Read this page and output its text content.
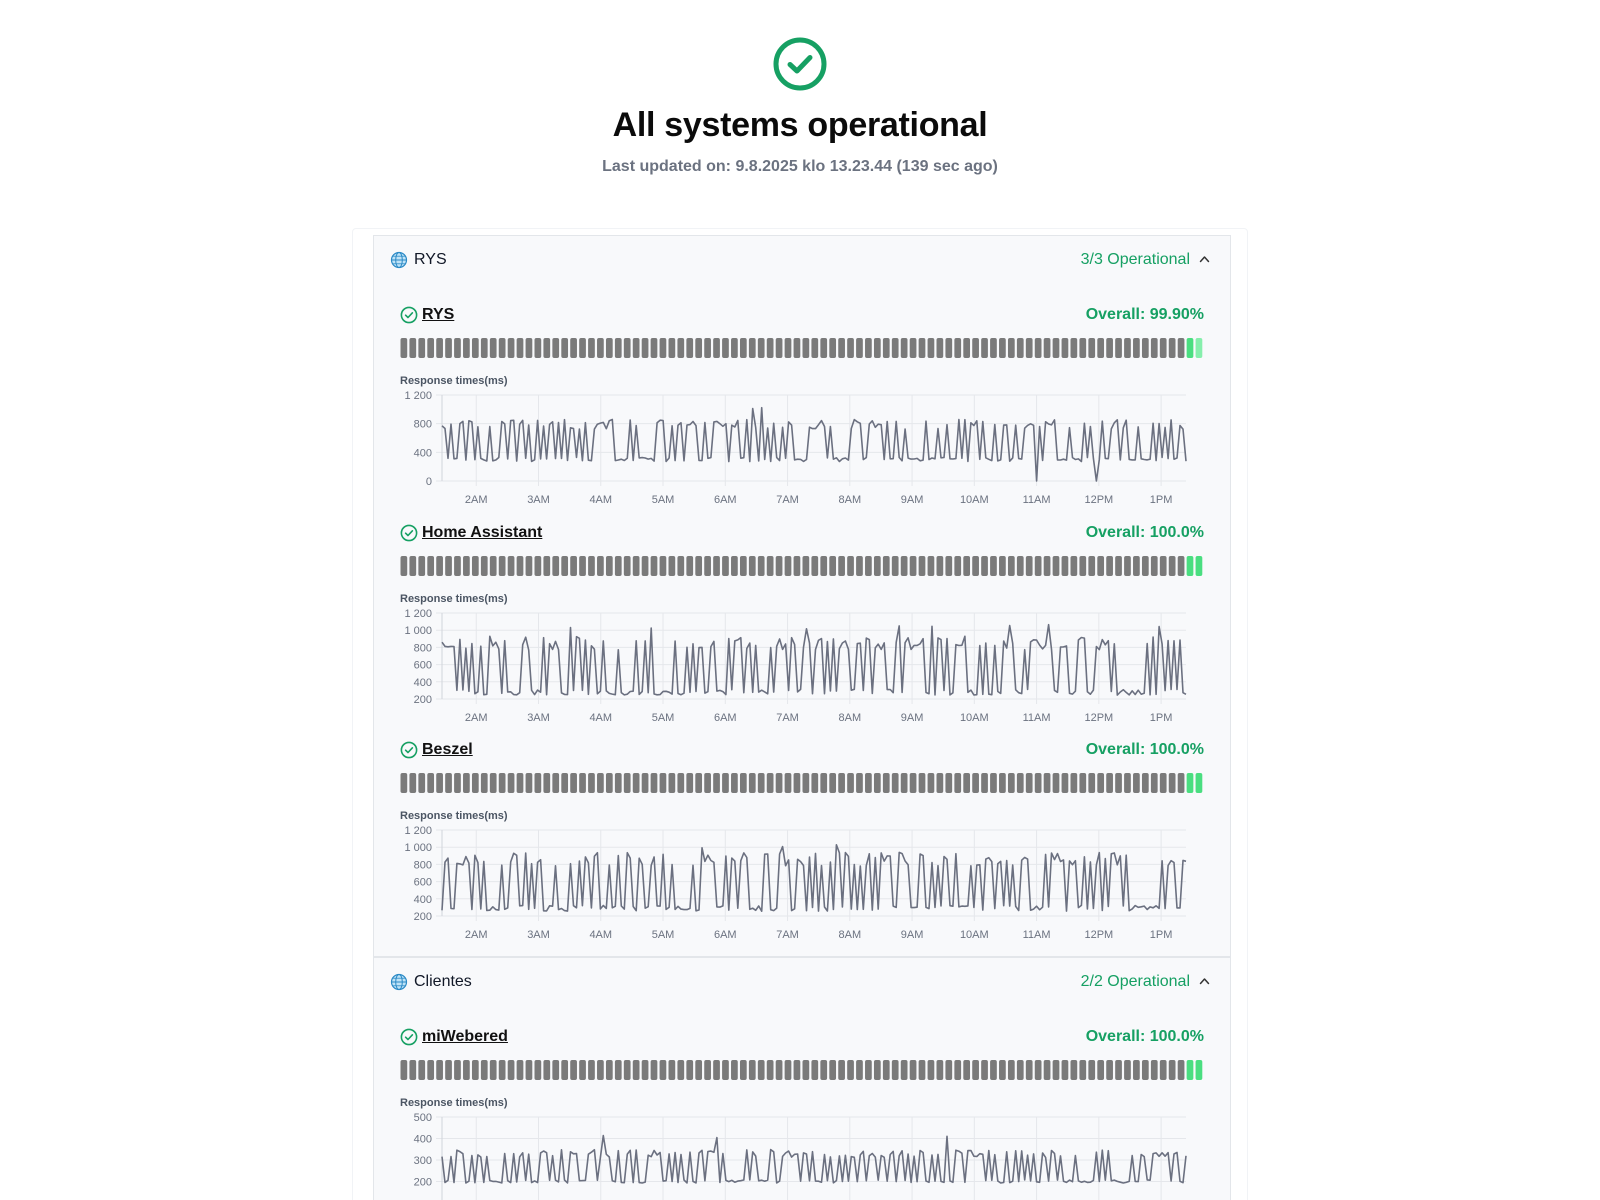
All systems operational
Last updated on: 9.8.2025 klo 13.23.44 (139 sec ago)
RYS	3/3 Operational
RYS	Overall: 99.90%
Response times(ms)
0
400
800
1 200
2AM	3AM	4AM	5AM	6AM	7AM	8AM	9AM	10AM	11AM	12PM	1PM
Home Assistant	Overall: 100.0%
Response times(ms)
200
400
600
800
1 000
1 200
2AM	3AM	4AM	5AM	6AM	7AM	8AM	9AM	10AM	11AM	12PM	1PM
Beszel	Overall: 100.0%
Response times(ms)
200
400
600
800
1 000
1 200
2AM	3AM	4AM	5AM	6AM	7AM	8AM	9AM	10AM	11AM	12PM	1PM
Clientes	2/2 Operational
miWebered	Overall: 100.0%
Response times(ms)
200
300
400
500
